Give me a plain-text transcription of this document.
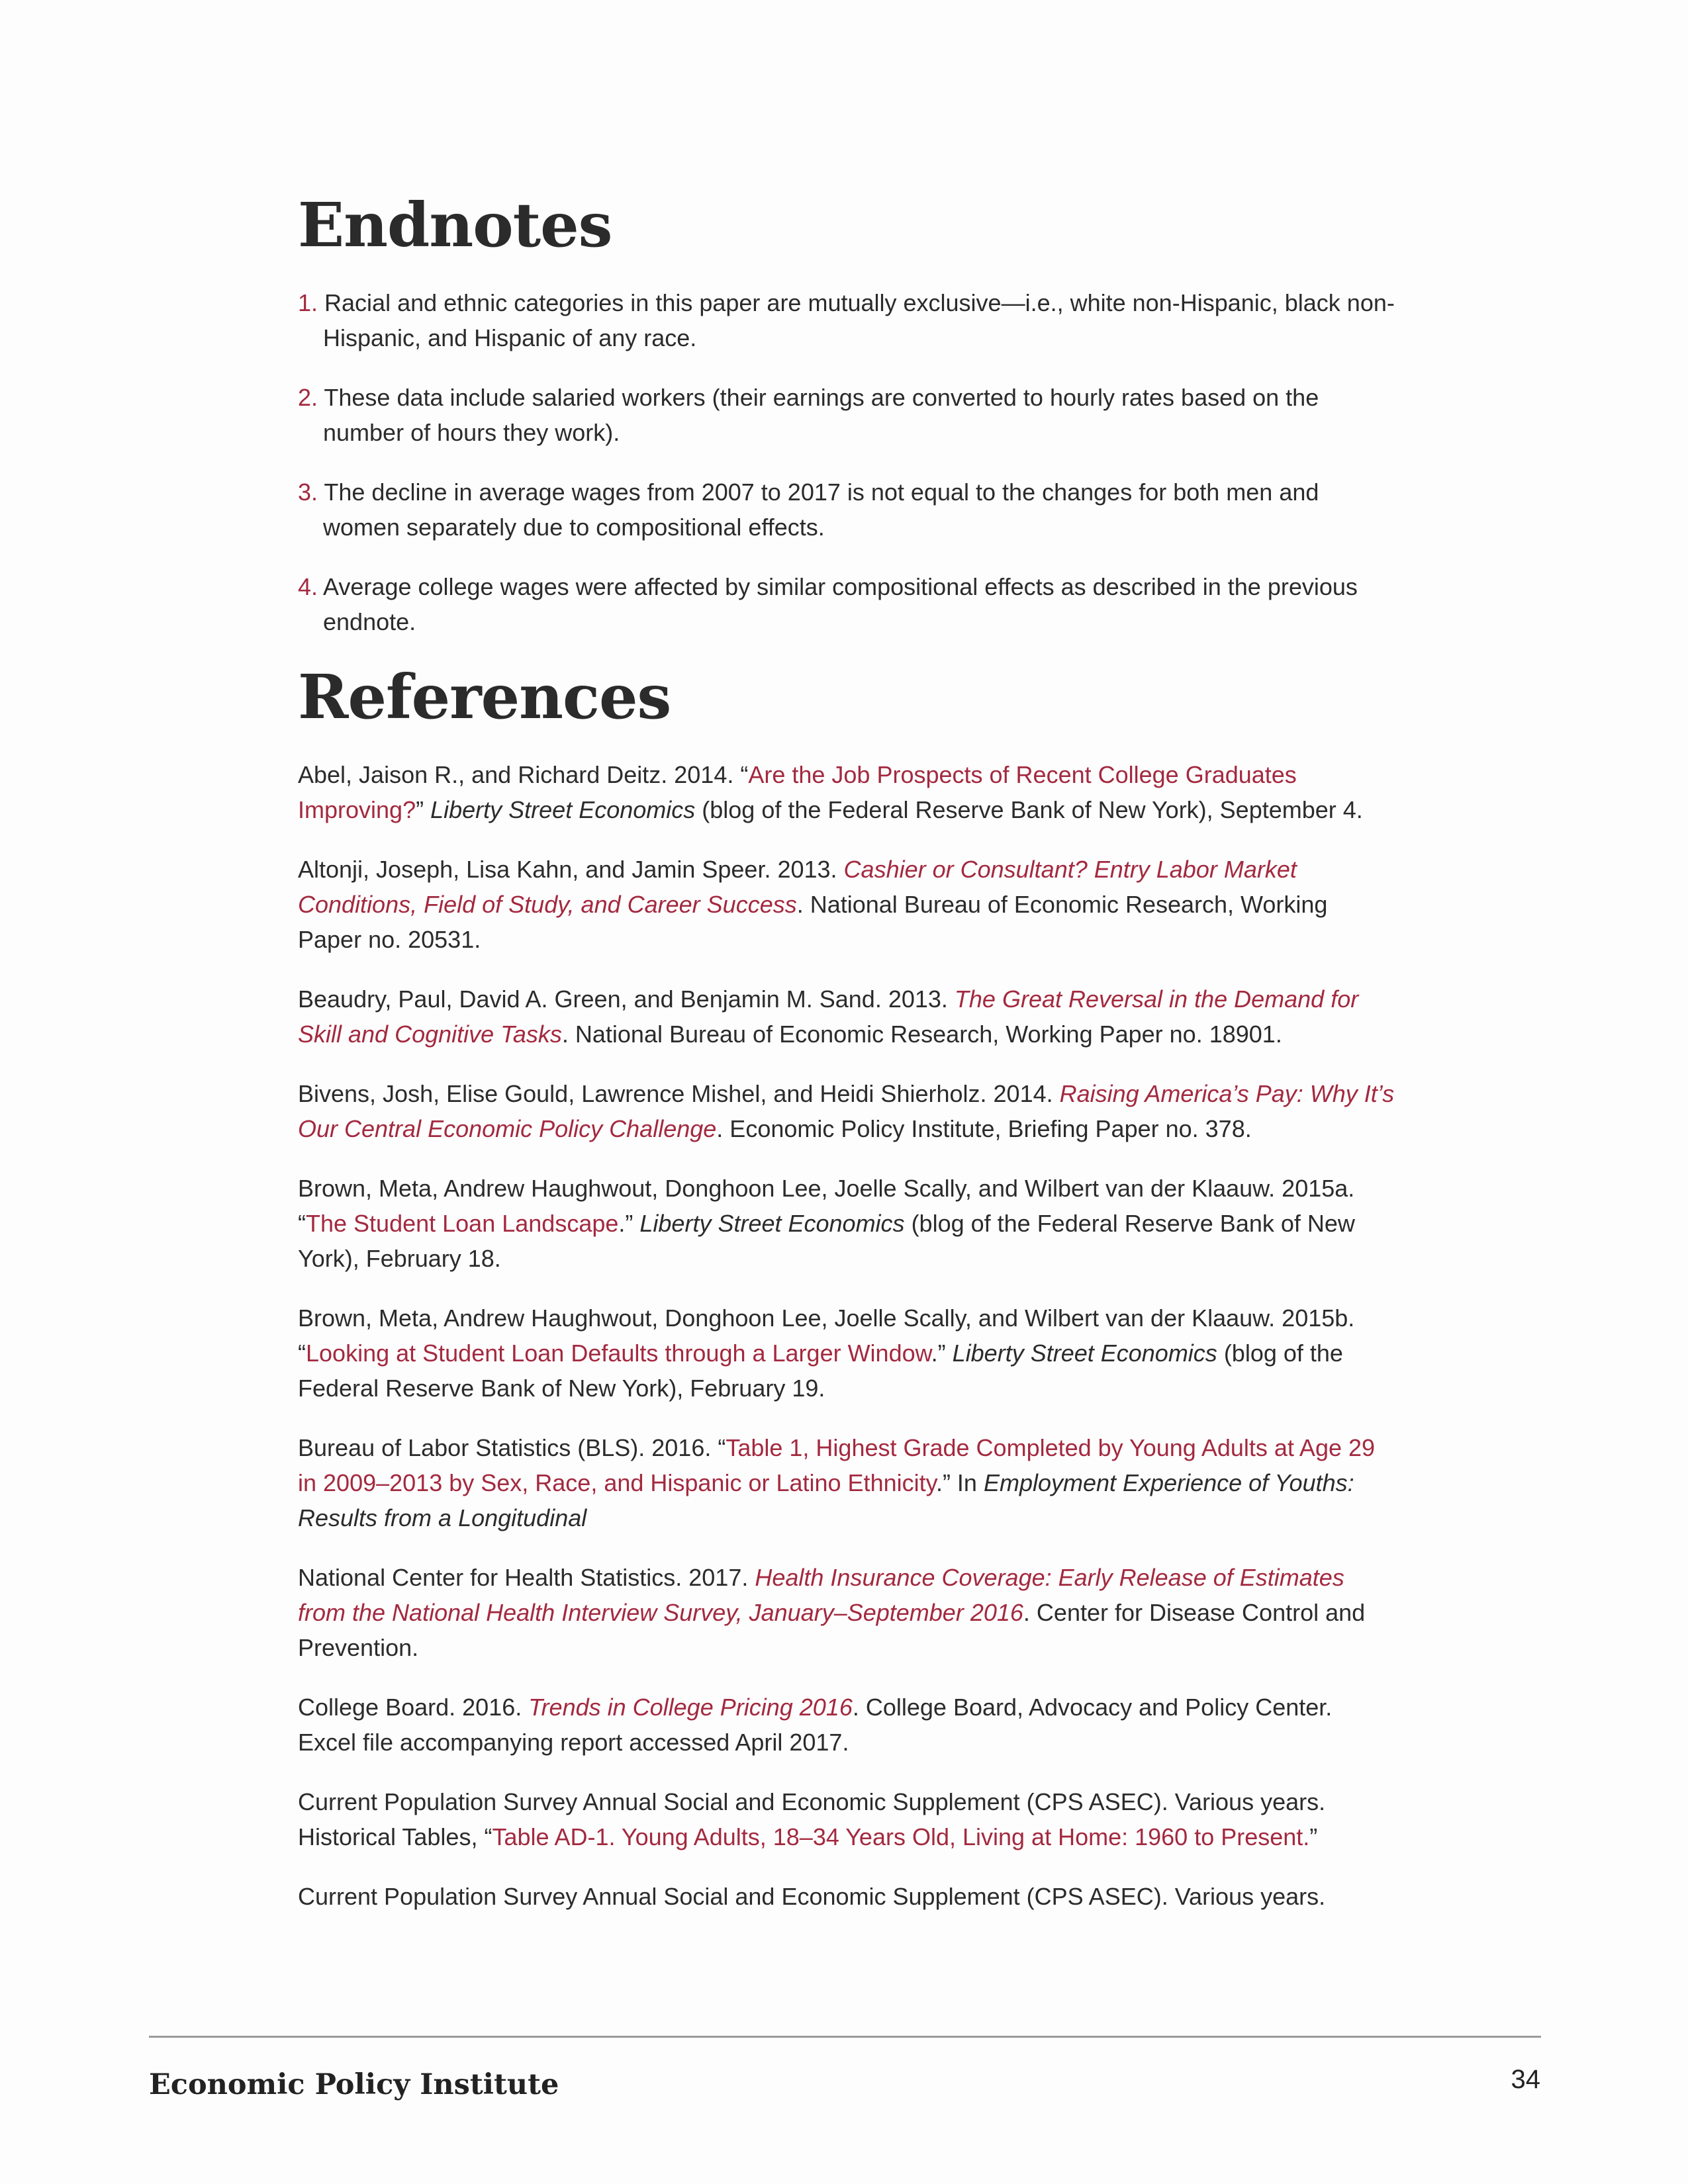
Endnotes

1. Racial and ethnic categories in this paper are mutually exclusive—i.e., white non-Hispanic, black non-Hispanic, and Hispanic of any race.

2. These data include salaried workers (their earnings are converted to hourly rates based on the number of hours they work).

3. The decline in average wages from 2007 to 2017 is not equal to the changes for both men and women separately due to compositional effects.

4. Average college wages were affected by similar compositional effects as described in the previous endnote.

References

Abel, Jaison R., and Richard Deitz. 2014. “Are the Job Prospects of Recent College Graduates Improving?” Liberty Street Economics (blog of the Federal Reserve Bank of New York), September 4.

Altonji, Joseph, Lisa Kahn, and Jamin Speer. 2013. Cashier or Consultant? Entry Labor Market Conditions, Field of Study, and Career Success. National Bureau of Economic Research, Working Paper no. 20531.

Beaudry, Paul, David A. Green, and Benjamin M. Sand. 2013. The Great Reversal in the Demand for Skill and Cognitive Tasks. National Bureau of Economic Research, Working Paper no. 18901.

Bivens, Josh, Elise Gould, Lawrence Mishel, and Heidi Shierholz. 2014. Raising America’s Pay: Why It’s Our Central Economic Policy Challenge. Economic Policy Institute, Briefing Paper no. 378.

Brown, Meta, Andrew Haughwout, Donghoon Lee, Joelle Scally, and Wilbert van der Klaauw. 2015a. “The Student Loan Landscape.” Liberty Street Economics (blog of the Federal Reserve Bank of New York), February 18.

Brown, Meta, Andrew Haughwout, Donghoon Lee, Joelle Scally, and Wilbert van der Klaauw. 2015b. “Looking at Student Loan Defaults through a Larger Window.” Liberty Street Economics (blog of the Federal Reserve Bank of New York), February 19.

Bureau of Labor Statistics (BLS). 2016. “Table 1, Highest Grade Completed by Young Adults at Age 29 in 2009–2013 by Sex, Race, and Hispanic or Latino Ethnicity.” In Employment Experience of Youths: Results from a Longitudinal

National Center for Health Statistics. 2017. Health Insurance Coverage: Early Release of Estimates from the National Health Interview Survey, January–September 2016. Center for Disease Control and Prevention.

College Board. 2016. Trends in College Pricing 2016. College Board, Advocacy and Policy Center. Excel file accompanying report accessed April 2017.

Current Population Survey Annual Social and Economic Supplement (CPS ASEC). Various years. Historical Tables, “Table AD-1. Young Adults, 18–34 Years Old, Living at Home: 1960 to Present.”

Current Population Survey Annual Social and Economic Supplement (CPS ASEC). Various years.

Economic Policy Institute	34
